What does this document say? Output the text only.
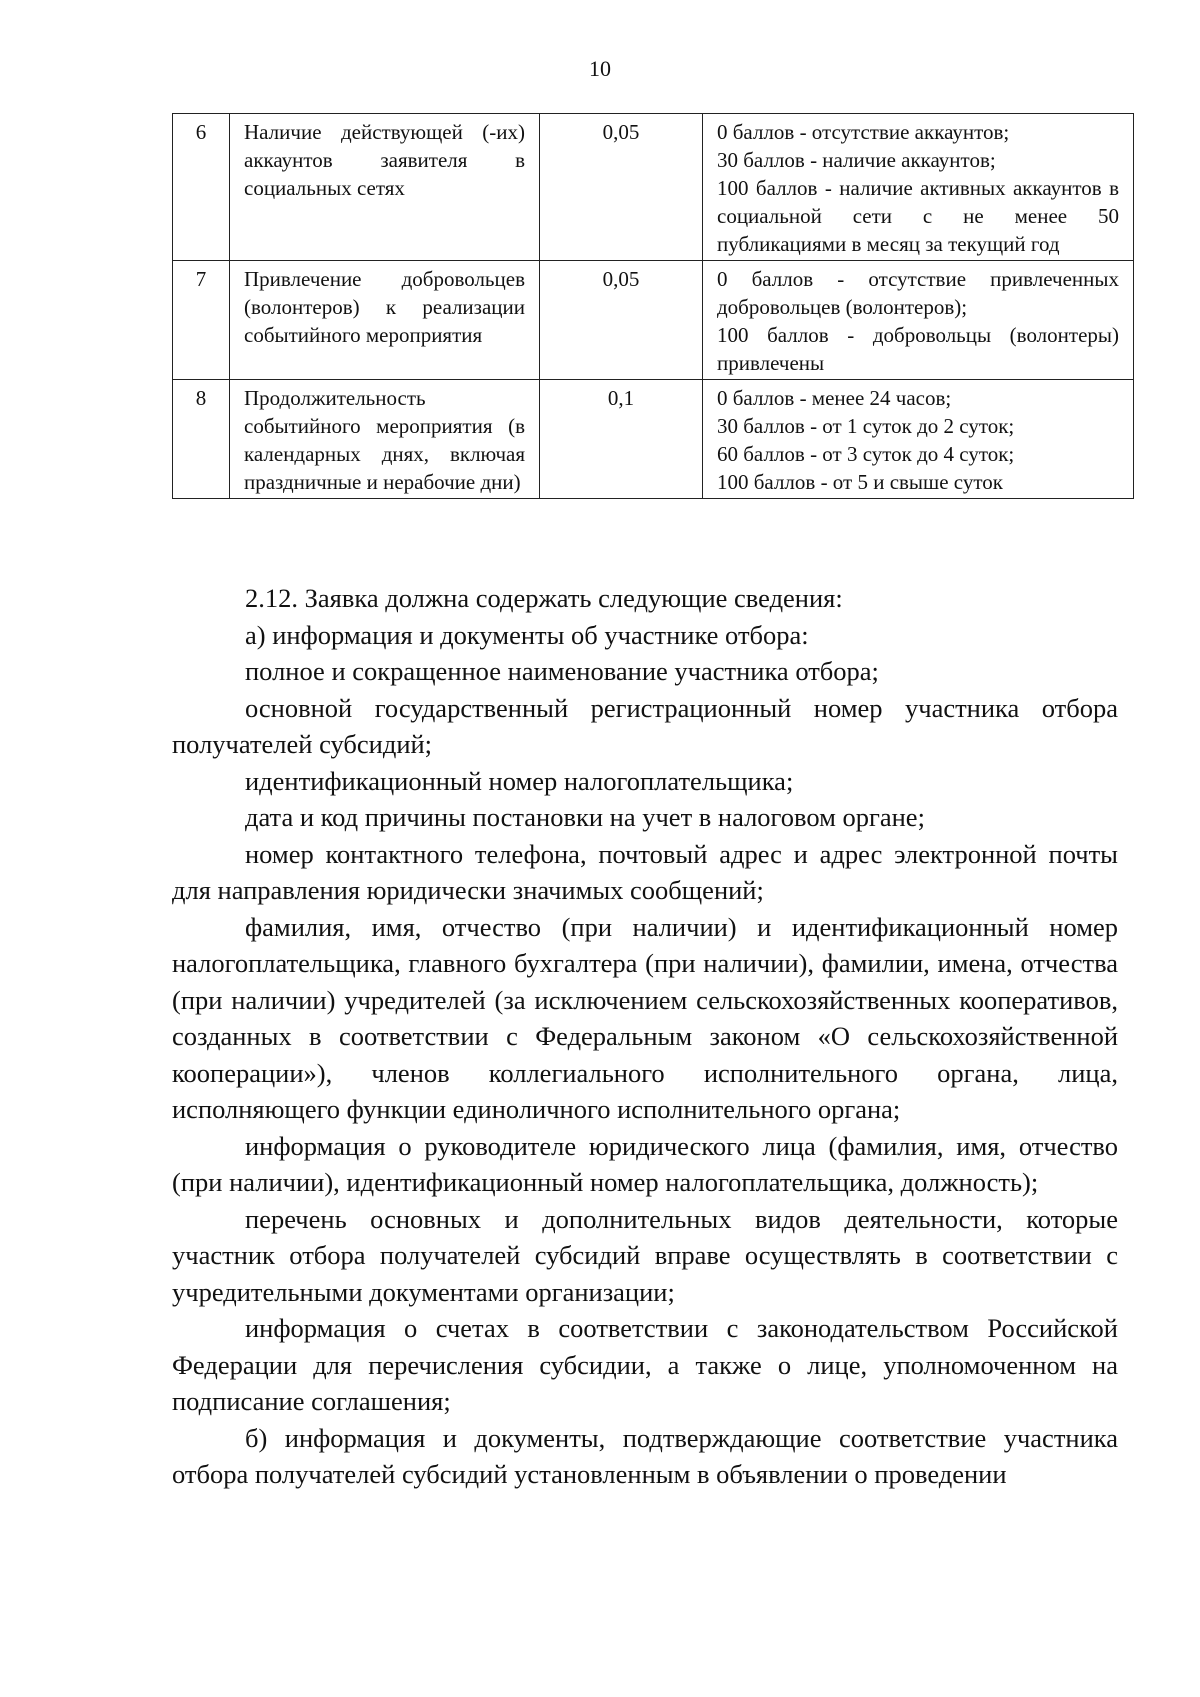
10
6	Наличие действующей (-их) аккаунтов заявителя в социальных сетях	0,05	0 баллов - отсутствие аккаунтов;
30 баллов - наличие аккаунтов;
100 баллов - наличие активных аккаунтов в социальной сети с не менее 50 публикациями в месяц за текущий год

7	Привлечение добровольцев (волонтеров) к реализации событийного мероприятия	0,05	0 баллов - отсутствие привлеченных добровольцев (волонтеров);
100 баллов - добровольцы (волонтеры) привлечены

8	Продолжительность событийного мероприятия (в календарных днях, включая праздничные и нерабочие дни)	0,1	0 баллов - менее 24 часов;
30 баллов - от 1 суток до 2 суток;
60 баллов - от 3 суток до 4 суток;
100 баллов - от 5 и свыше суток

2.12. Заявка должна содержать следующие сведения:

а) информация и документы об участнике отбора:

полное и сокращенное наименование участника отбора;

основной государственный регистрационный номер участника отбора получателей субсидий;

идентификационный номер налогоплательщика;

дата и код причины постановки на учет в налоговом органе;

номер контактного телефона, почтовый адрес и адрес электронной почты для направления юридически значимых сообщений;

фамилия, имя, отчество (при наличии) и идентификационный номер налогоплательщика, главного бухгалтера (при наличии), фамилии, имена, отчества (при наличии) учредителей (за исключением сельскохозяйственных кооперативов, созданных в соответствии с Федеральным законом «О сельскохозяйственной кооперации»), членов коллегиального исполнительного органа, лица, исполняющего функции единоличного исполнительного органа;

информация о руководителе юридического лица (фамилия, имя, отчество (при наличии), идентификационный номер налогоплательщика, должность);

перечень основных и дополнительных видов деятельности, которые участник отбора получателей субсидий вправе осуществлять в соответствии с учредительными документами организации;

информация о счетах в соответствии с законодательством Российской Федерации для перечисления субсидии, а также о лице, уполномоченном на подписание соглашения;

б) информация и документы, подтверждающие соответствие участника отбора получателей субсидий установленным в объявлении о проведении
